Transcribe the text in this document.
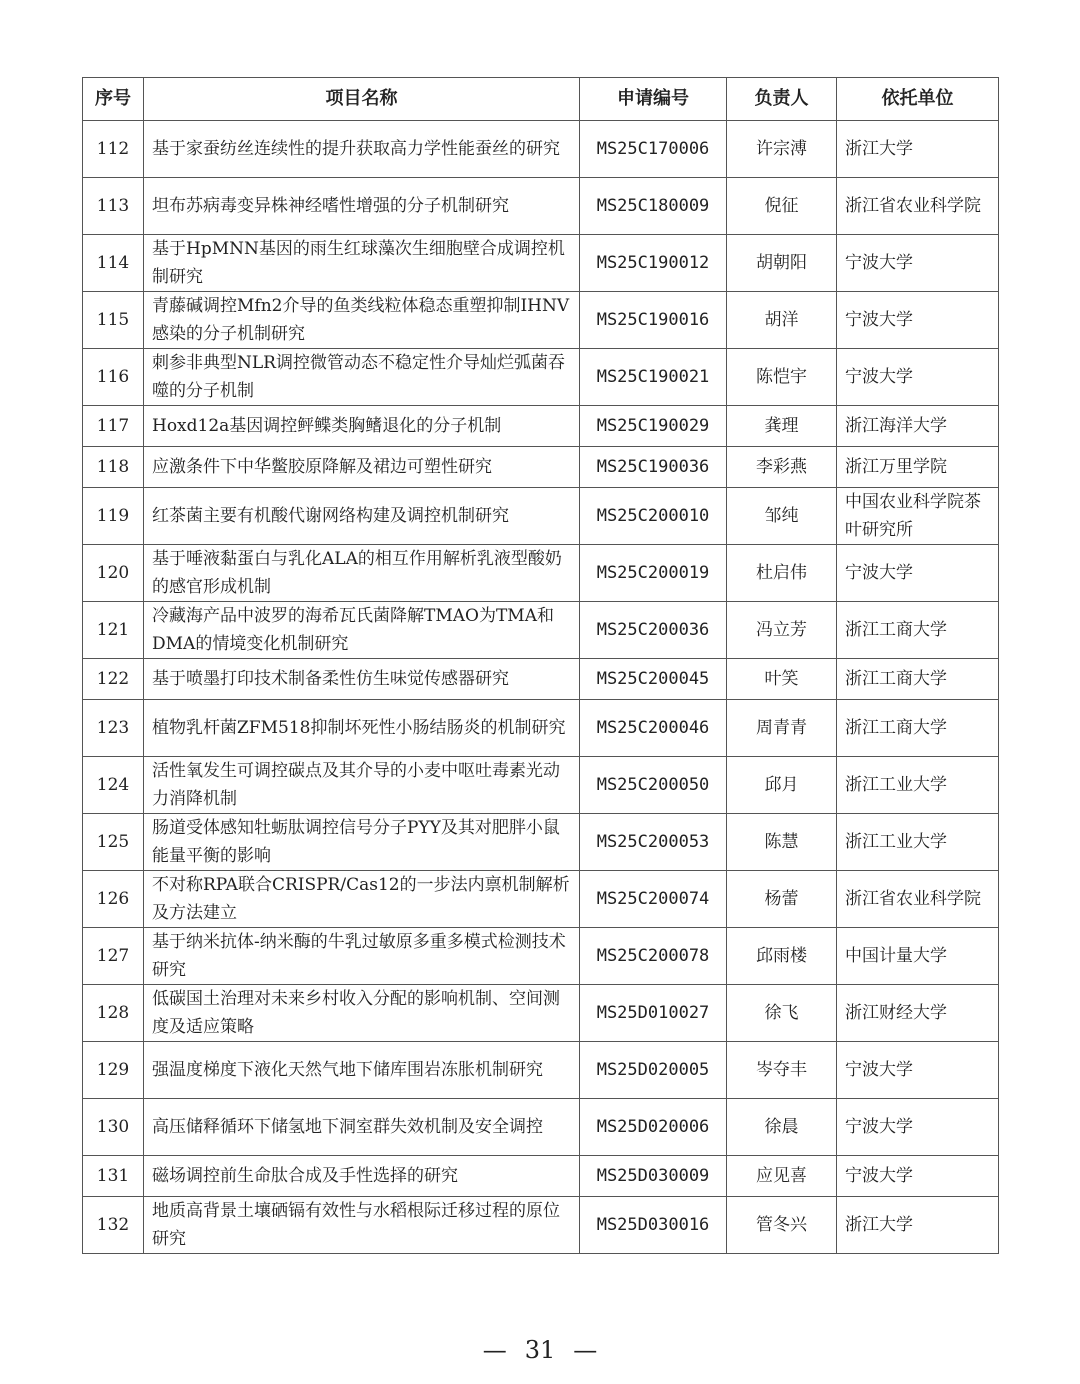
序号	项目名称	申请编号	负责人	依托单位
112	基于家蚕纺丝连续性的提升获取高力学性能蚕丝的研究	MS25C170006	许宗溥	浙江大学
113	坦布苏病毒变异株神经嗜性增强的分子机制研究	MS25C180009	倪征	浙江省农业科学院
114	基于HpMNN基因的雨生红球藻次生细胞壁合成调控机制研究	MS25C190012	胡朝阳	宁波大学
115	青藤碱调控Mfn2介导的鱼类线粒体稳态重塑抑制IHNV感染的分子机制研究	MS25C190016	胡洋	宁波大学
116	刺参非典型NLR调控微管动态不稳定性介导灿烂弧菌吞噬的分子机制	MS25C190021	陈恺宇	宁波大学
117	Hoxd12a基因调控鲆鲽类胸鳍退化的分子机制	MS25C190029	龚理	浙江海洋大学
118	应激条件下中华鳖胶原降解及裙边可塑性研究	MS25C190036	李彩燕	浙江万里学院
119	红茶菌主要有机酸代谢网络构建及调控机制研究	MS25C200010	邹纯	中国农业科学院茶叶研究所
120	基于唾液黏蛋白与乳化ALA的相互作用解析乳液型酸奶的感官形成机制	MS25C200019	杜启伟	宁波大学
121	冷藏海产品中波罗的海希瓦氏菌降解TMAO为TMA和DMA的情境变化机制研究	MS25C200036	冯立芳	浙江工商大学
122	基于喷墨打印技术制备柔性仿生味觉传感器研究	MS25C200045	叶笑	浙江工商大学
123	植物乳杆菌ZFM518抑制坏死性小肠结肠炎的机制研究	MS25C200046	周青青	浙江工商大学
124	活性氧发生可调控碳点及其介导的小麦中呕吐毒素光动力消降机制	MS25C200050	邱月	浙江工业大学
125	肠道受体感知牡蛎肽调控信号分子PYY及其对肥胖小鼠能量平衡的影响	MS25C200053	陈慧	浙江工业大学
126	不对称RPA联合CRISPR/Cas12的一步法内禀机制解析及方法建立	MS25C200074	杨蕾	浙江省农业科学院
127	基于纳米抗体-纳米酶的牛乳过敏原多重多模式检测技术研究	MS25C200078	邱雨楼	中国计量大学
128	低碳国土治理对未来乡村收入分配的影响机制、空间测度及适应策略	MS25D010027	徐飞	浙江财经大学
129	强温度梯度下液化天然气地下储库围岩冻胀机制研究	MS25D020005	岑夺丰	宁波大学
130	高压储释循环下储氢地下洞室群失效机制及安全调控	MS25D020006	徐晨	宁波大学
131	磁场调控前生命肽合成及手性选择的研究	MS25D030009	应见喜	宁波大学
132	地质高背景土壤硒镉有效性与水稻根际迁移过程的原位研究	MS25D030016	管冬兴	浙江大学
— 31 —
